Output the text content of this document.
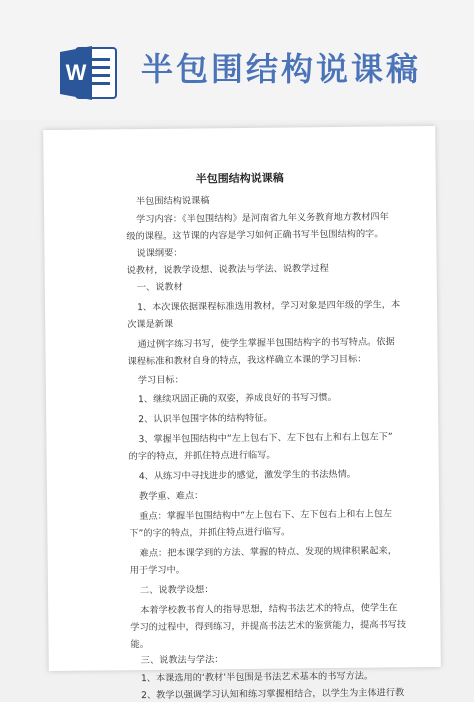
W 半包围结构说课稿
半包围结构说课稿
半包围结构说课稿
学习内容：《半包围结构》是河南省九年义务教育地方教材四年
级的课程。这节课的内容是学习如何正确书写半包围结构的字。
说课纲要：
说教材，说教学设想、说教法与学法、说教学过程
一、说教材
1、本次课依据课程标准选用教材，学习对象是四年级的学生，本
次课是新课
通过例字练习书写，使学生掌握半包围结构字的书写特点。依据
课程标准和教材自身的特点，我这样确立本课的学习目标：
学习目标：
1、继续巩固正确的双姿，养成良好的书写习惯。
2、认识半包围字体的结构特征。
3、掌握半包围结构中“左上包右下、左下包右上和右上包左下”
的字的特点，并抓住特点进行临写。
4、从练习中寻找进步的感觉，激发学生的书法热情。
教学重、难点：
重点：掌握半包围结构中“左上包右下、左下包右上和右上包左
下”的字的特点，并抓住特点进行临写。
难点：把本课学到的方法、掌握的特点、发现的规律积累起来，
用于学习中。
二、说教学设想：
本着学校教书育人的指导思想，结构书法艺术的特点，使学生在
学习的过程中，得到练习，并提高书法艺术的鉴赏能力，提高书写技
能。
三、说教法与学法：
1、本课选用的‘教材’半包围是书法艺术基本的书写方法。
2、教学以强调学习认知和练习掌握相结合，以学生为主体进行教
